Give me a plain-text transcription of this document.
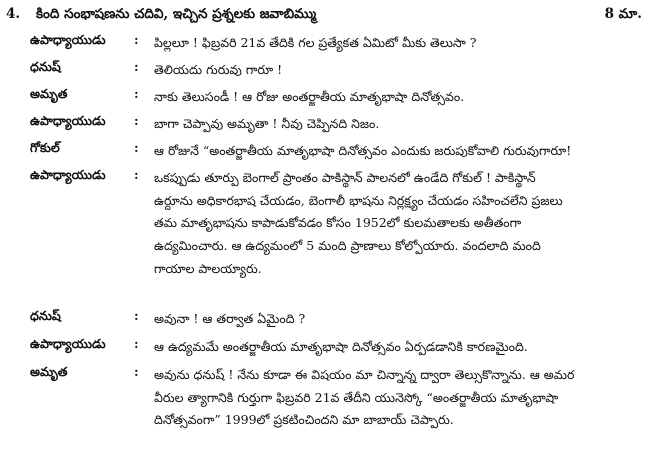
4. కింది సంభాషణను చదివి, ఇచ్చిన ప్రశ్నలకు జవాబిమ్ము	8 మా.
ఉపాధ్యాయుడు : పిల్లలూ ! ఫిబ్రవరి 21వ తేదికి గల ప్రత్యేకత ఏమిటో మీకు తెలుసా ?
ధనుష్	: తెలియదు గురువు గారూ !
అమృత	: నాకు తెలుసండీ ! ఆ రోజు అంతర్జాతీయ మాతృభాషా దినోత్సవం.
ఉపాధ్యాయుడు : బాగా చెప్పావు అమృతా ! నీవు చెప్పినది నిజం.
గోకుల్	: ఆ రోజునే “అంతర్జాతీయ మాతృభాషా దినోత్సవం ఎందుకు జరుపుకోవాలి గురువుగారూ!
ఉపాధ్యాయుడు : ఒకప్పుడు తూర్పు బెంగాల్ ప్రాంతం పాకిస్థాన్ పాలనలో ఉండేది గోకుల్ ! పాకిస్థాన్
ఉర్దూను అధికారభాష చేయడం, బెంగాలీ భాషను నిర్లక్ష్యం చేయడం సహించలేని ప్రజలు
తమ మాతృభాషను కాపాడుకోవడం కోసం 1952లో కులమతాలకు అతీతంగా
ఉద్యమించారు. ఆ ఉద్యమంలో 5 మంది ప్రాణాలు కోల్పోయారు. వందలాది మంది
గాయాల పాలయ్యారు.
ధనుష్	: అవునా ! ఆ తర్వాత ఏమైంది ?
ఉపాధ్యాయుడు : ఆ ఉద్యమమే అంతర్జాతీయ మాతృభాషా దినోత్సవం ఏర్పడడానికి కారణమైంది.
అమృత	: అవును ధనుష్ ! నేను కూడా ఈ విషయం మా చిన్నాన్న ద్వారా తెల్సుకొన్నాను. ఆ అమర
వీరుల త్యాగానికి గుర్తుగా ఫిబ్రవరి 21వ తేదీని యునెస్కో “అంతర్జాతీయ మాతృభాషా
దినోత్సవంగా” 1999లో ప్రకటించిందని మా బాబాయ్ చెప్పారు.
